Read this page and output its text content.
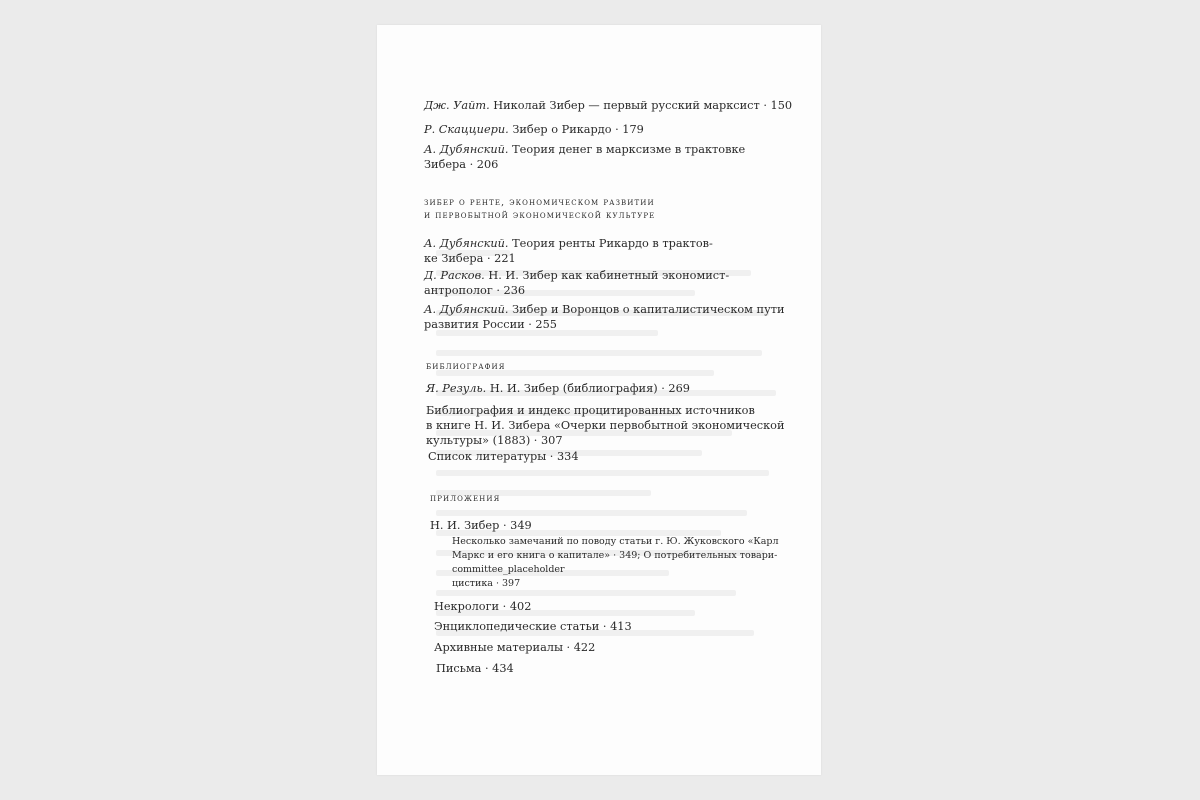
Дж. Уайт. Николай Зибер — первый русский марксист · 150
Р. Скацциери. Зибер о Рикардо · 179
А. Дубянский. Теория денег в марксизме в трактовке
Зибера · 206
зибер о ренте, экономическом развитии
и первобытной экономической культуре
А. Дубянский. Теория ренты Рикардо в трактов-
ке Зибера · 221
Д. Расков. Н. И. Зибер как кабинетный экономист-
антрополог · 236
А. Дубянский. Зибер и Воронцов о капиталистическом пути
развития России · 255
библиография
Я. Резуль. Н. И. Зибер (библиография) · 269
Библиография и индекс процитированных источников
в книге Н. И. Зибера «Очерки первобытной экономической
культуры» (1883) · 307
Список литературы · 334
приложения
Н. И. Зибер · 349
Несколько замечаний по поводу статьи г. Ю. Жуковского «Карл
Маркс и его книга о капитале» · 349; О потребительных товари-
committee_placeholder
цистика · 397
Некрологи · 402
Энциклопедические статьи · 413
Архивные материалы · 422
Письма · 434
